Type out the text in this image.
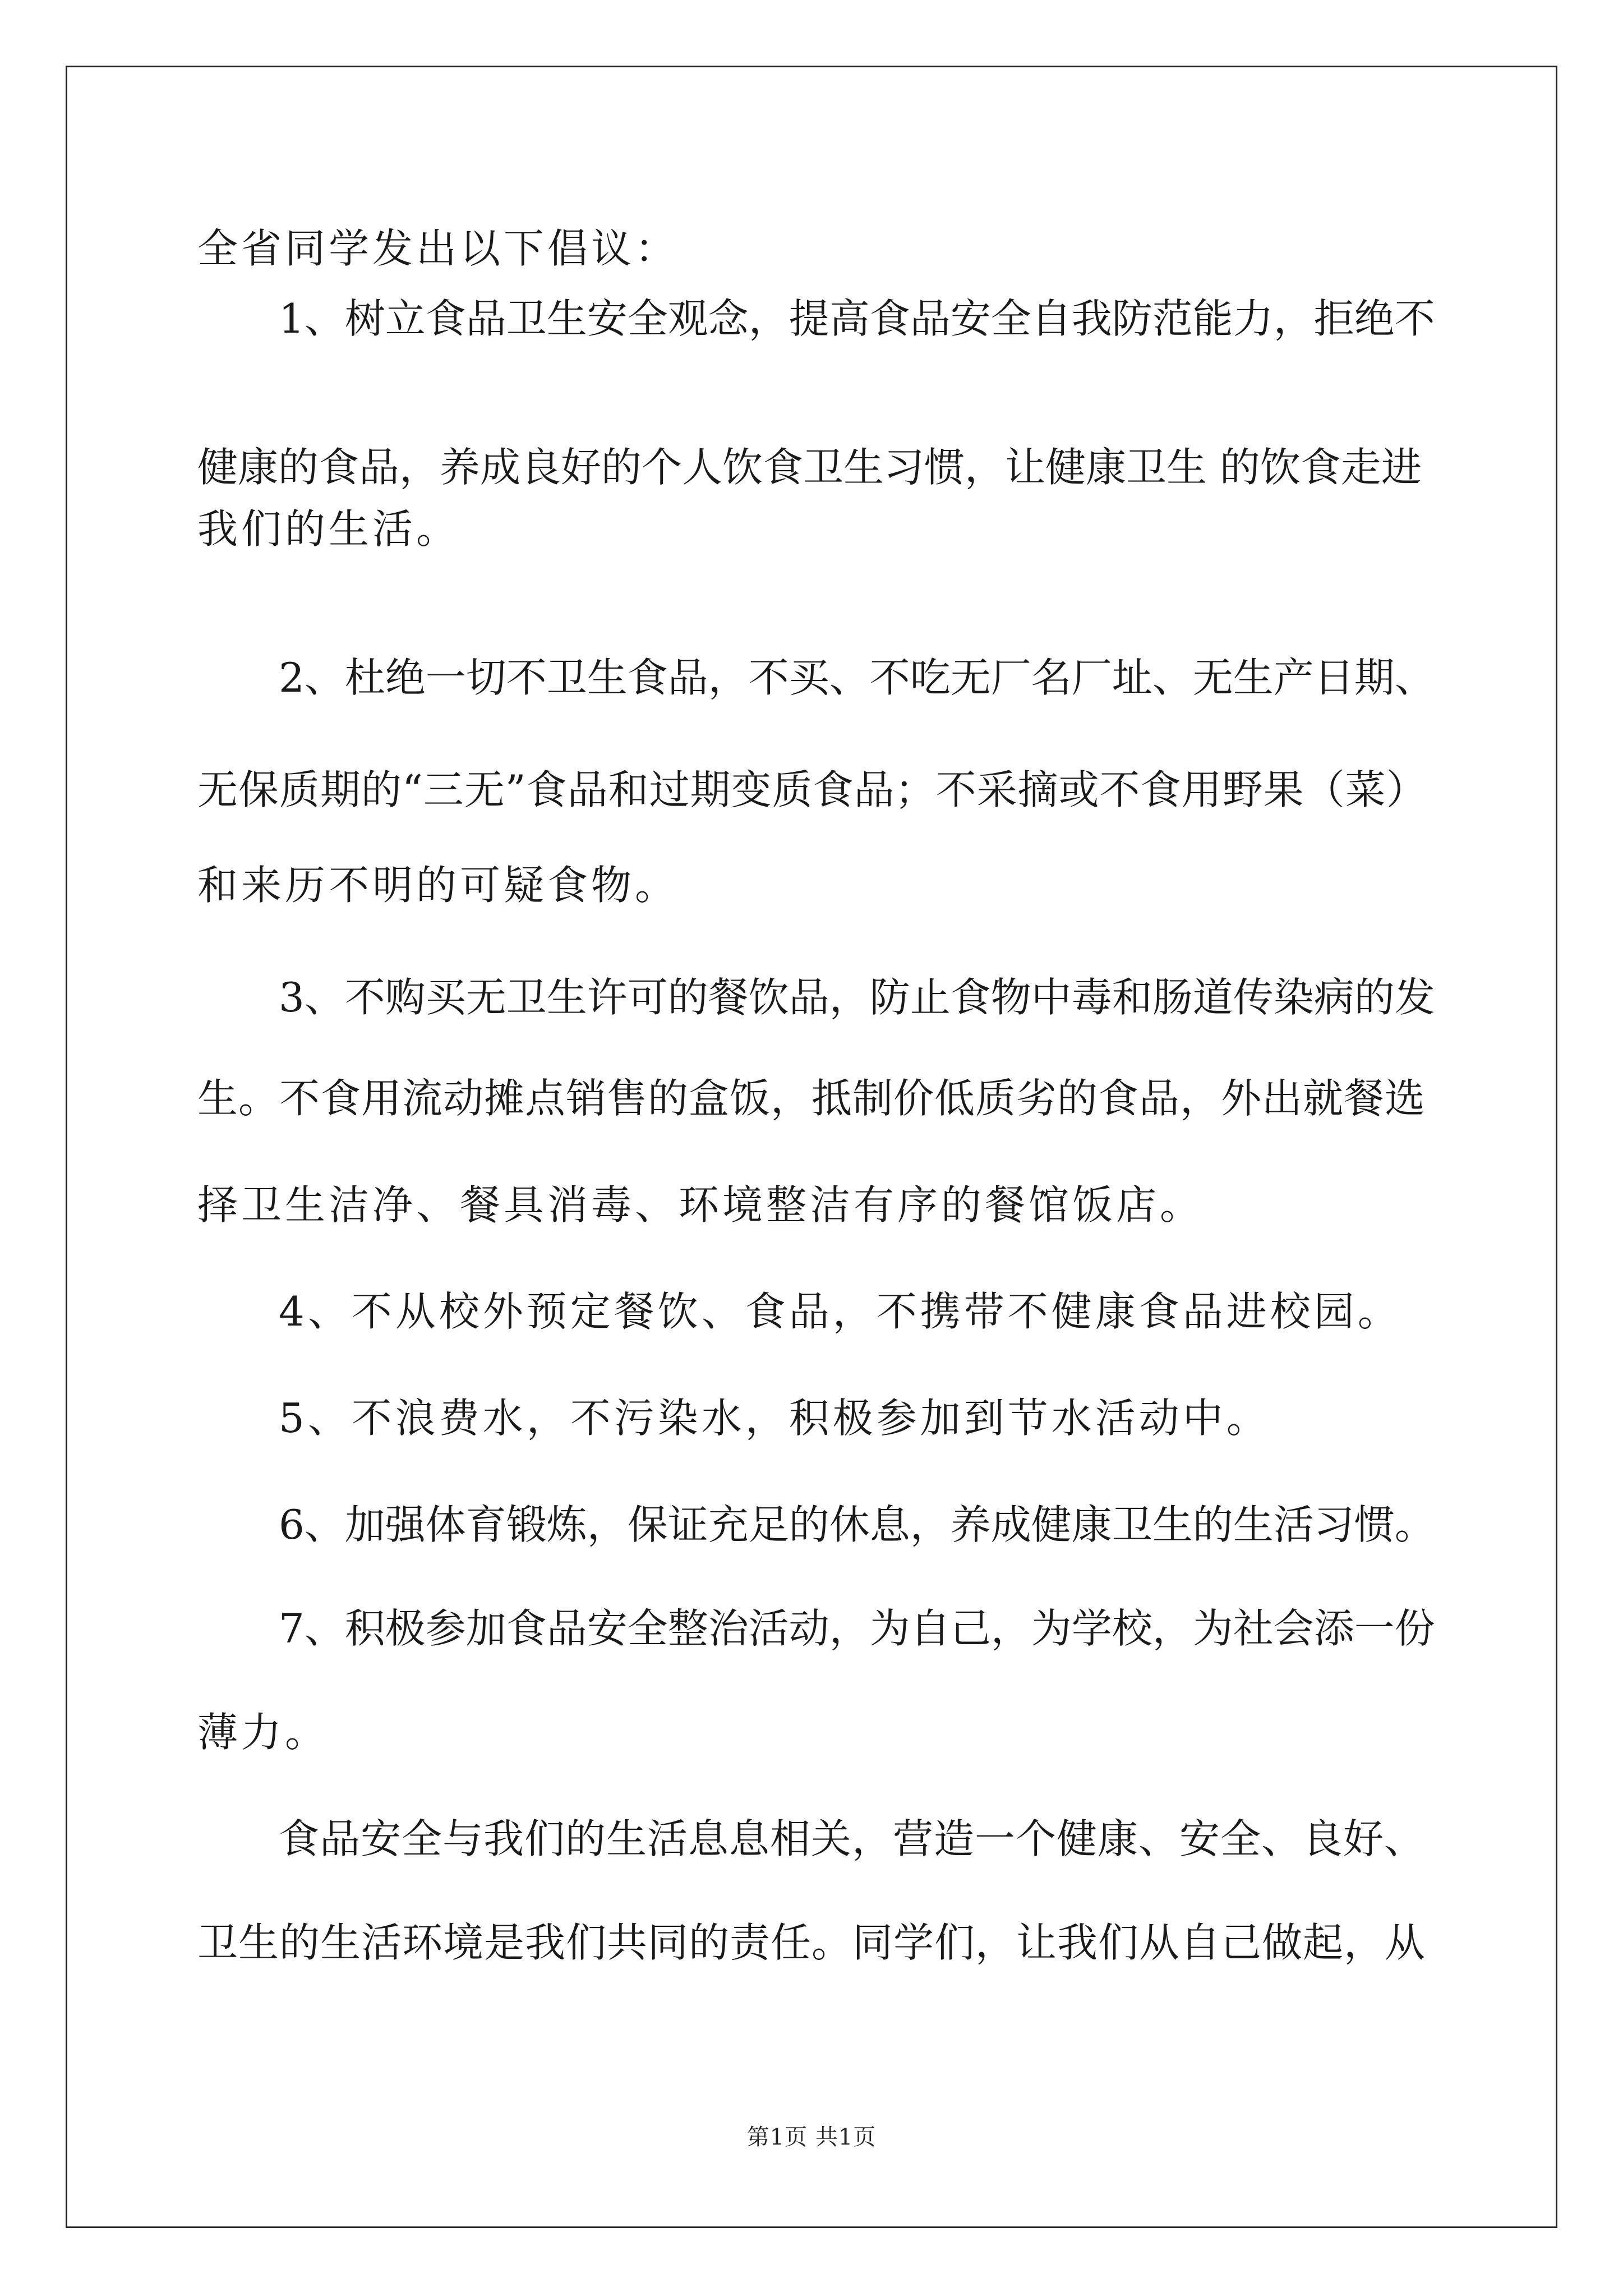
全省同学发出以下倡议：
1、树立食品卫生安全观念，提高食品安全自我防范能力，拒绝不
健康的食品，养成良好的个人饮食卫生习惯，让健康卫生 的饮食走进
我们的生活。
2、杜绝一切不卫生食品，不买、不吃无厂名厂址、无生产日期、
无保质期的“三无”食品和过期变质食品；不采摘或不食用野果（菜）
和来历不明的可疑食物。
3、不购买无卫生许可的餐饮品，防止食物中毒和肠道传染病的发
生。不食用流动摊点销售的盒饭，抵制价低质劣的食品，外出就餐选
择卫生洁净、餐具消毒、环境整洁有序的餐馆饭店。
4、不从校外预定餐饮、食品，不携带不健康食品进校园。
5、不浪费水，不污染水，积极参加到节水活动中。
6、加强体育锻炼，保证充足的休息，养成健康卫生的生活习惯。
7、积极参加食品安全整治活动，为自己，为学校，为社会添一份
薄力。
食品安全与我们的生活息息相关，营造一个健康、安全、良好、
卫生的生活环境是我们共同的责任。同学们，让我们从自己做起，从
第1页 共1页
